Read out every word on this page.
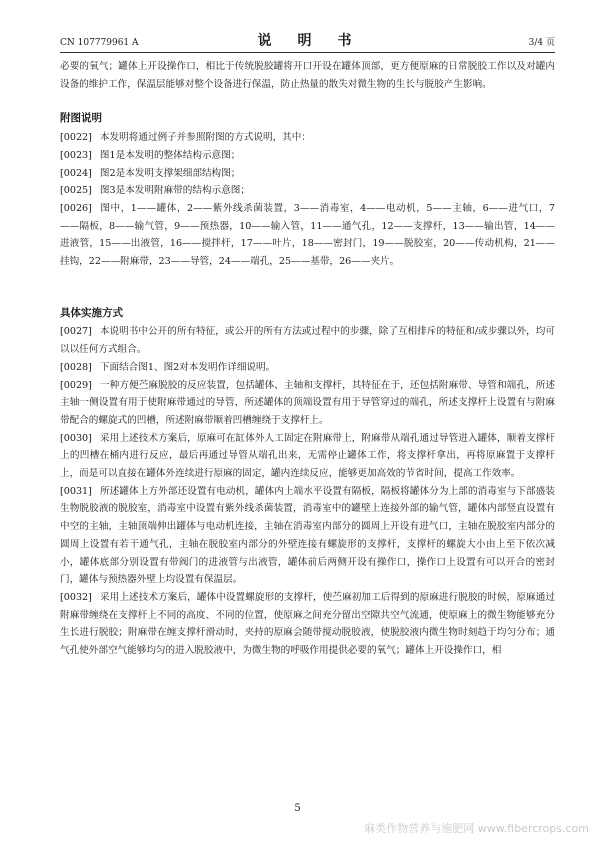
CN 107779961 A	说　明　书	3/4 页

必要的氧气；罐体上开设操作口，相比于传统脱胶罐将开口开设在罐体顶部，更方便原麻的日常脱胶工作以及对罐内设备的维护工作，保温层能够对整个设备进行保温，防止热量的散失对微生物的生长与脱胶产生影响。

附图说明

[0022] 本发明将通过例子并参照附图的方式说明，其中：

[0023] 图1是本发明的整体结构示意图；

[0024] 图2是本发明支撑架细部结构图；

[0025] 图3是本发明附麻带的结构示意图；

[0026] 图中，1——罐体，2——紫外线杀菌装置，3——消毒室，4——电动机，5——主轴，6——进气口，7——隔板，8——输气管，9——预热器，10——输入管，11——通气孔，12——支撑杆，13——输出管，14——进液管，15——出液管，16——搅拌杆，17——叶片，18——密封门，19——脱胶室，20——传动机构，21——挂钩，22——附麻带，23——导管，24——端孔，25——基带，26——夹片。

具体实施方式

[0027] 本说明书中公开的所有特征，或公开的所有方法或过程中的步骤，除了互相排斥的特征和/或步骤以外，均可以以任何方式组合。

[0028] 下面结合图1、图2对本发明作详细说明。

[0029] 一种方便苎麻脱胶的反应装置，包括罐体、主轴和支撑杆，其特征在于，还包括附麻带、导管和端孔，所述主轴一侧设置有用于使附麻带通过的导管，所述罐体的顶端设置有用于导管穿过的端孔，所述支撑杆上设置有与附麻带配合的螺旋式的凹槽，所述附麻带顺着凹槽缠绕于支撑杆上。

[0030] 采用上述技术方案后，原麻可在缸体外人工固定在附麻带上，附麻带从端孔通过导管进入罐体，顺着支撑杆上的凹槽在桶内进行反应，最后再通过导管从端孔出来，无需停止罐体工作，将支撑杆拿出，再将原麻置于支撑杆上，而是可以直接在罐体外连续进行原麻的固定，罐内连续反应，能够更加高效的节省时间，提高工作效率。

[0031] 所述罐体上方外部还设置有电动机，罐体内上端水平设置有隔板，隔板将罐体分为上部的消毒室与下部盛装生物脱胶液的脱胶室，消毒室中设置有紫外线杀菌装置，消毒室中的罐壁上连接外部的输气管，罐体内部竖直设置有中空的主轴，主轴顶端伸出罐体与电动机连接，主轴在消毒室内部分的圆周上开设有进气口，主轴在脱胶室内部分的圆周上设置有若干通气孔，主轴在脱胶室内部分的外壁连接有螺旋形的支撑杆，支撑杆的螺旋大小由上至下依次减小，罐体底部分别设置有带阀门的进液管与出液管，罐体前后两侧开设有操作口，操作口上设置有可以开合的密封门，罐体与预热器外壁上均设置有保温层。

[0032] 采用上述技术方案后，罐体中设置螺旋形的支撑杆，使苎麻初加工后得到的原麻进行脱胶的时候，原麻通过附麻带缠绕在支撑杆上不同的高度、不同的位置，使原麻之间充分留出空隙共空气流通，使原麻上的微生物能够充分生长进行脱胶；附麻带在缠支撑杆滑动时，夹持的原麻会随带搅动脱胶液，使脱胶液内微生物时刻趋于均匀分布；通气孔使外部空气能够均匀的进入脱胶液中，为微生物的呼吸作用提供必要的氧气；罐体上开设操作口，相

5
麻类作物营养与施肥网 www.fibercrops.com
